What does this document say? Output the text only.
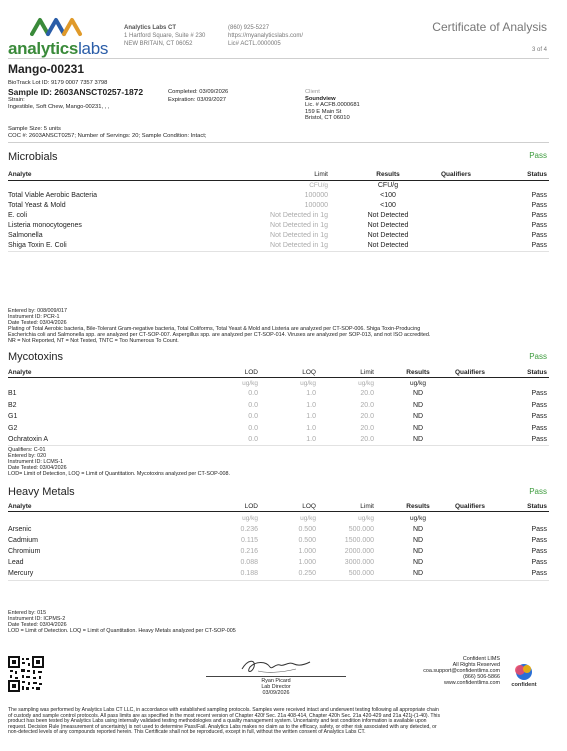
analyticslabs
Analytics Labs CT
1 Hartford Square, Suite # 230
NEW BRITAIN, CT 06052
(860) 925-5227
https://myanalyticslabs.com/
Lic# ACTL.0000005
Certificate of Analysis
3 of 4
Mango-00231
BioTrack Lot ID: 9179 0007 7357 3798
Sample ID: 2603ANSCT0257-1872
Strain:
Ingestible, Soft Chew, Mango-00231, , ,
Completed: 03/09/2026
Expiration: 03/09/2027
Client
Soundview
Lic. # ACFB.0000681
159 E Main St
Bristol, CT 06010
Sample Size: 5 units
COC #: 2603ANSCT0257; Number of Servings: 20; Sample Condition: Intact;
Microbials	Pass
Analyte	Limit	Results	Qualifiers	Status
CFU/g	CFU/g
Total Viable Aerobic Bacteria	100000	<100	Pass
Total Yeast & Mold	100000	<100	Pass
E. coli	Not Detected in 1g	Not Detected	Pass
Listeria monocytogenes	Not Detected in 1g	Not Detected	Pass
Salmonella	Not Detected in 1g	Not Detected	Pass
Shiga Toxin E. Coli	Not Detected in 1g	Not Detected	Pass
Entered by: 008/009/017
Instrument ID: PCR-1
Date Tested: 03/04/2026
Plating of Total Aerobic bacteria, Bile-Tolerant Gram-negative bacteria, Total Coliforms, Total Yeast & Mold and Listeria are analyzed per CT-SOP-006. Shiga Toxin-Producing
Escherichia coli and Salmonella spp. are analyzed per CT-SOP-007. Aspergillus spp. are analyzed per CT-SOP-014. Viruses are analyzed per SOP-013, and not ISO accredited.
NR = Not Reported, NT = Not Tested, TNTC = Too Numerous To Count.
Mycotoxins	Pass
Analyte	LOD	LOQ	Limit	Results	Qualifiers	Status
ug/kg	ug/kg	ug/kg	ug/kg
B1	0.0	1.0	20.0	ND	Pass
B2	0.0	1.0	20.0	ND	Pass
G1	0.0	1.0	20.0	ND	Pass
G2	0.0	1.0	20.0	ND	Pass
Ochratoxin A	0.0	1.0	20.0	ND	Pass
Qualifiers: C-01
Entered by: 020
Instrument ID: LCMS-1
Date Tested: 03/04/2026
LOD= Limit of Detection, LOQ = Limit of Quantitation. Mycotoxins analyzed per CT-SOP-008.
Heavy Metals	Pass
Analyte	LOD	LOQ	Limit	Results	Qualifiers	Status
ug/kg	ug/kg	ug/kg	ug/kg
Arsenic	0.236	0.500	500.000	ND	Pass
Cadmium	0.115	0.500	1500.000	ND	Pass
Chromium	0.216	1.000	2000.000	ND	Pass
Lead	0.088	1.000	3000.000	ND	Pass
Mercury	0.188	0.250	500.000	ND	Pass
Entered by: 015
Instrument ID: ICPMS-2
Date Tested: 03/04/2026
LOD = Limit of Detection. LOQ = Limit of Quantitation. Heavy Metals analyzed per CT-SOP-005
Ryan Picard
Lab Director
03/09/2026
Confident LIMS
All Rights Reserved
coa.support@confidentlims.com
(866) 506-5866
www.confidentlims.com	confident
The sampling was performed by Analytics Labs CT LLC, in accordance with established sampling protocols. Samples were received intact and underwent testing following all appropriate chain
of custody and sample control protocols. All pass limits are as specified in the most recent version of Chapter 420f Sec. 21a 408-414, Chapter 420h Sec. 21a 420-429 and 21a 421j-(1-40). This
product has been tested by Analytics Labs using internally validated testing methodologies and a quality management system. Uncertainty and test condition information is available upon
request. Decision Rule (measurement of uncertainty) is not used to determine Pass/Fail. Analytics Labs makes no claim as to the efficacy, safety, or other risk associated with any detected, or
non-detected levels of any compounds reported herein. This Certificate shall not be reproduced, except in full, without the written consent of Analytics Labs CT.
